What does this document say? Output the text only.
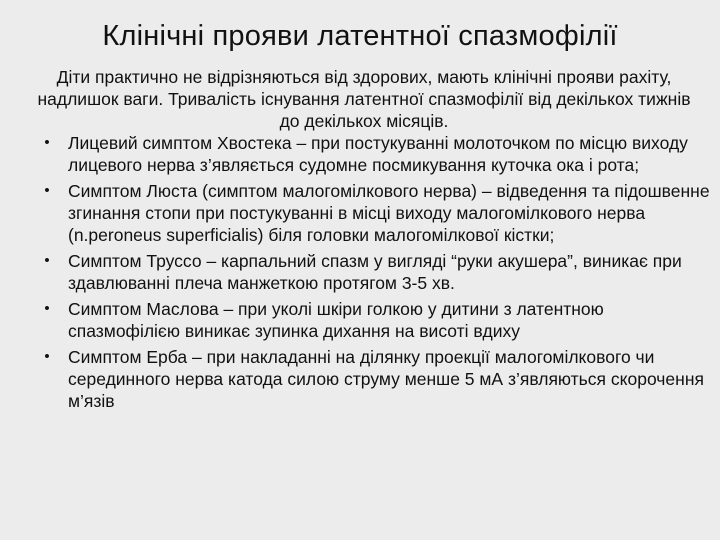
Клінічні прояви латентної спазмофілії

Діти практично не відрізняються від здорових, мають клінічні прояви рахіту, надлишок ваги. Тривалість існування латентної спазмофілії від декількох тижнів до декількох місяців.

• Лицевий симптом Хвостека – при постукуванні молоточком по місцю виходу лицевого нерва з’являється судомне посмикування куточка ока і рота;
• Симптом Люста (симптом малогомілкового нерва) – відведення та підошвенне згинання стопи при постукуванні в місці виходу малогомілкового нерва (n.peroneus superficialis) біля головки малогомілкової кістки;
• Симптом Труссо – карпальний спазм у вигляді “руки акушера”, виникає при здавлюванні плеча манжеткою протягом 3-5 хв.
• Симптом Маслова – при уколі шкіри голкою у дитини з латентною спазмофілією виникає зупинка дихання на висоті вдиху
• Симптом Ерба – при накладанні на ділянку проекції малогомілкового чи серединного нерва катода силою струму менше 5 мА з’являються скорочення м’язів
